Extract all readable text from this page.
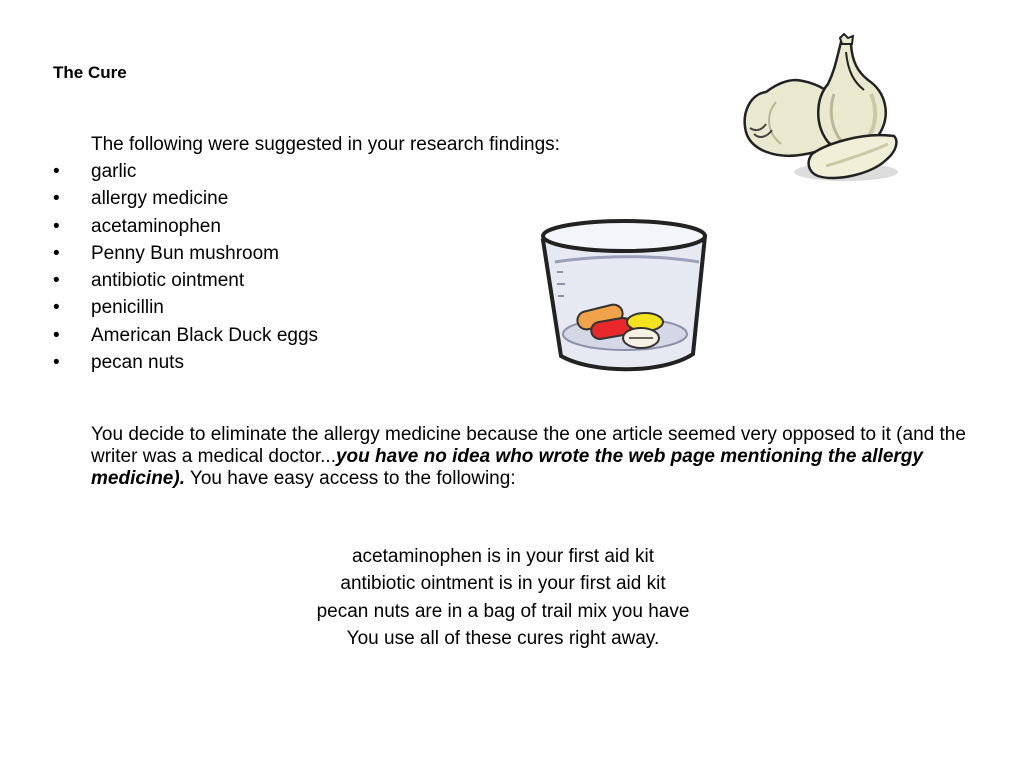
The Cure

The following were suggested in your research findings:

• garlic
• allergy medicine
• acetaminophen
• Penny Bun mushroom
• antibiotic ointment
• penicillin
• American Black Duck eggs
• pecan nuts

You decide to eliminate the allergy medicine because the one article seemed very opposed to it (and the writer was a medical doctor...you have no idea who wrote the web page mentioning the allergy medicine). You have easy access to the following:

acetaminophen is in your first aid kit
antibiotic ointment is in your first aid kit
pecan nuts are in a bag of trail mix you have
You use all of these cures right away.
